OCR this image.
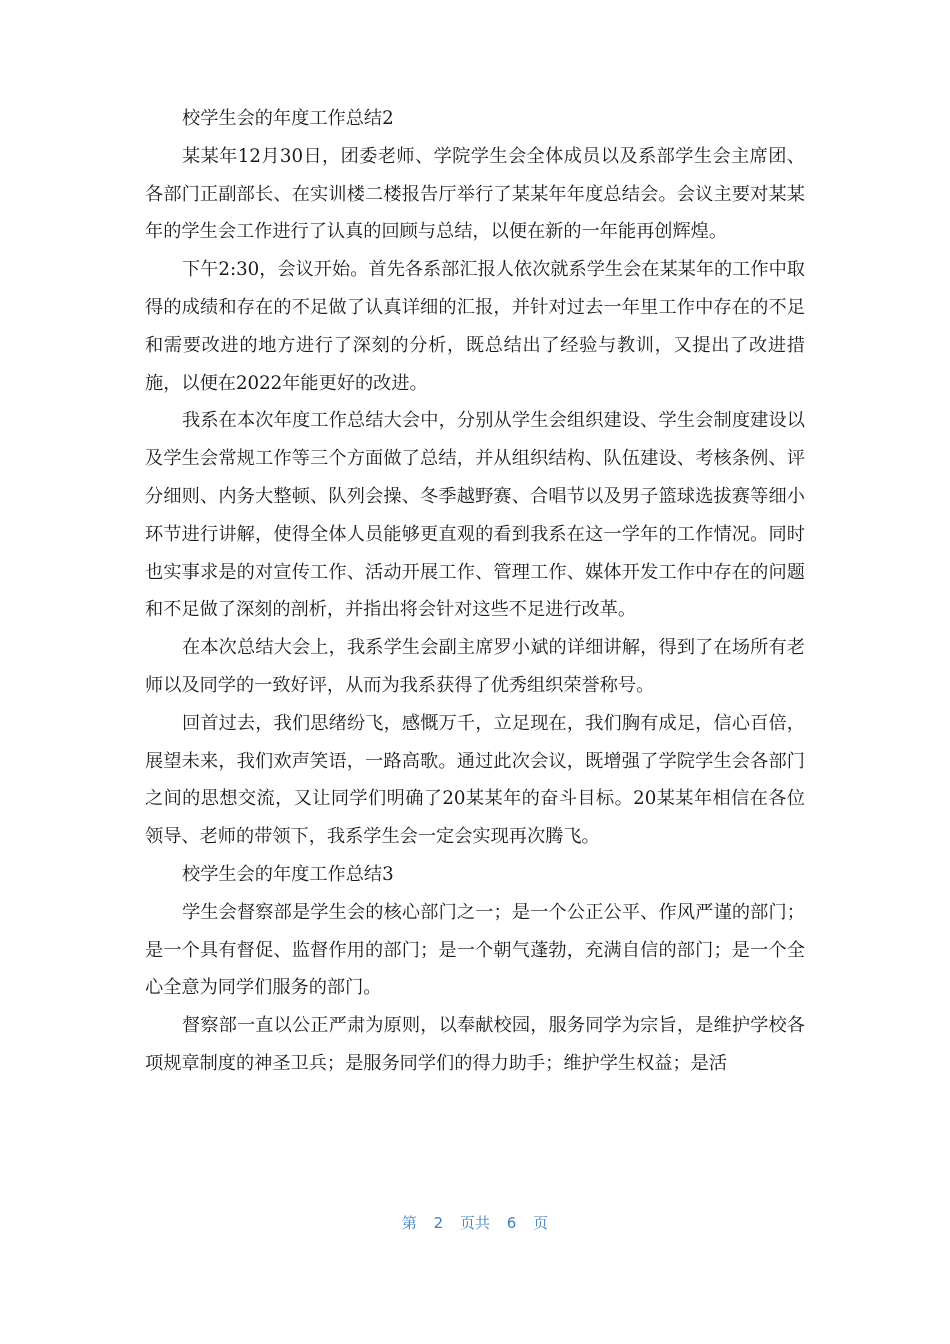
校学生会的年度工作总结2

某某年12月30日，团委老师、学院学生会全体成员以及系部学生会主席团、各部门正副部长、在实训楼二楼报告厅举行了某某年年度总结会。会议主要对某某年的学生会工作进行了认真的回顾与总结，以便在新的一年能再创辉煌。

下午2:30，会议开始。首先各系部汇报人依次就系学生会在某某年的工作中取得的成绩和存在的不足做了认真详细的汇报，并针对过去一年里工作中存在的不足和需要改进的地方进行了深刻的分析，既总结出了经验与教训，又提出了改进措施，以便在2022年能更好的改进。

我系在本次年度工作总结大会中，分别从学生会组织建设、学生会制度建设以及学生会常规工作等三个方面做了总结，并从组织结构、队伍建设、考核条例、评分细则、内务大整顿、队列会操、冬季越野赛、合唱节以及男子篮球选拔赛等细小环节进行讲解，使得全体人员能够更直观的看到我系在这一学年的工作情况。同时也实事求是的对宣传工作、活动开展工作、管理工作、媒体开发工作中存在的问题和不足做了深刻的剖析，并指出将会针对这些不足进行改革。

在本次总结大会上，我系学生会副主席罗小斌的详细讲解，得到了在场所有老师以及同学的一致好评，从而为我系获得了优秀组织荣誉称号。

回首过去，我们思绪纷飞，感慨万千，立足现在，我们胸有成足，信心百倍，展望未来，我们欢声笑语，一路高歌。通过此次会议，既增强了学院学生会各部门之间的思想交流，又让同学们明确了20某某年的奋斗目标。20某某年相信在各位领导、老师的带领下，我系学生会一定会实现再次腾飞。

校学生会的年度工作总结3

学生会督察部是学生会的核心部门之一；是一个公正公平、作风严谨的部门；是一个具有督促、监督作用的部门；是一个朝气蓬勃，充满自信的部门；是一个全心全意为同学们服务的部门。

督察部一直以公正严肃为原则，以奉献校园，服务同学为宗旨，是维护学校各项规章制度的神圣卫兵；是服务同学们的得力助手；维护学生权益；是活

第 2 页共 6 页
